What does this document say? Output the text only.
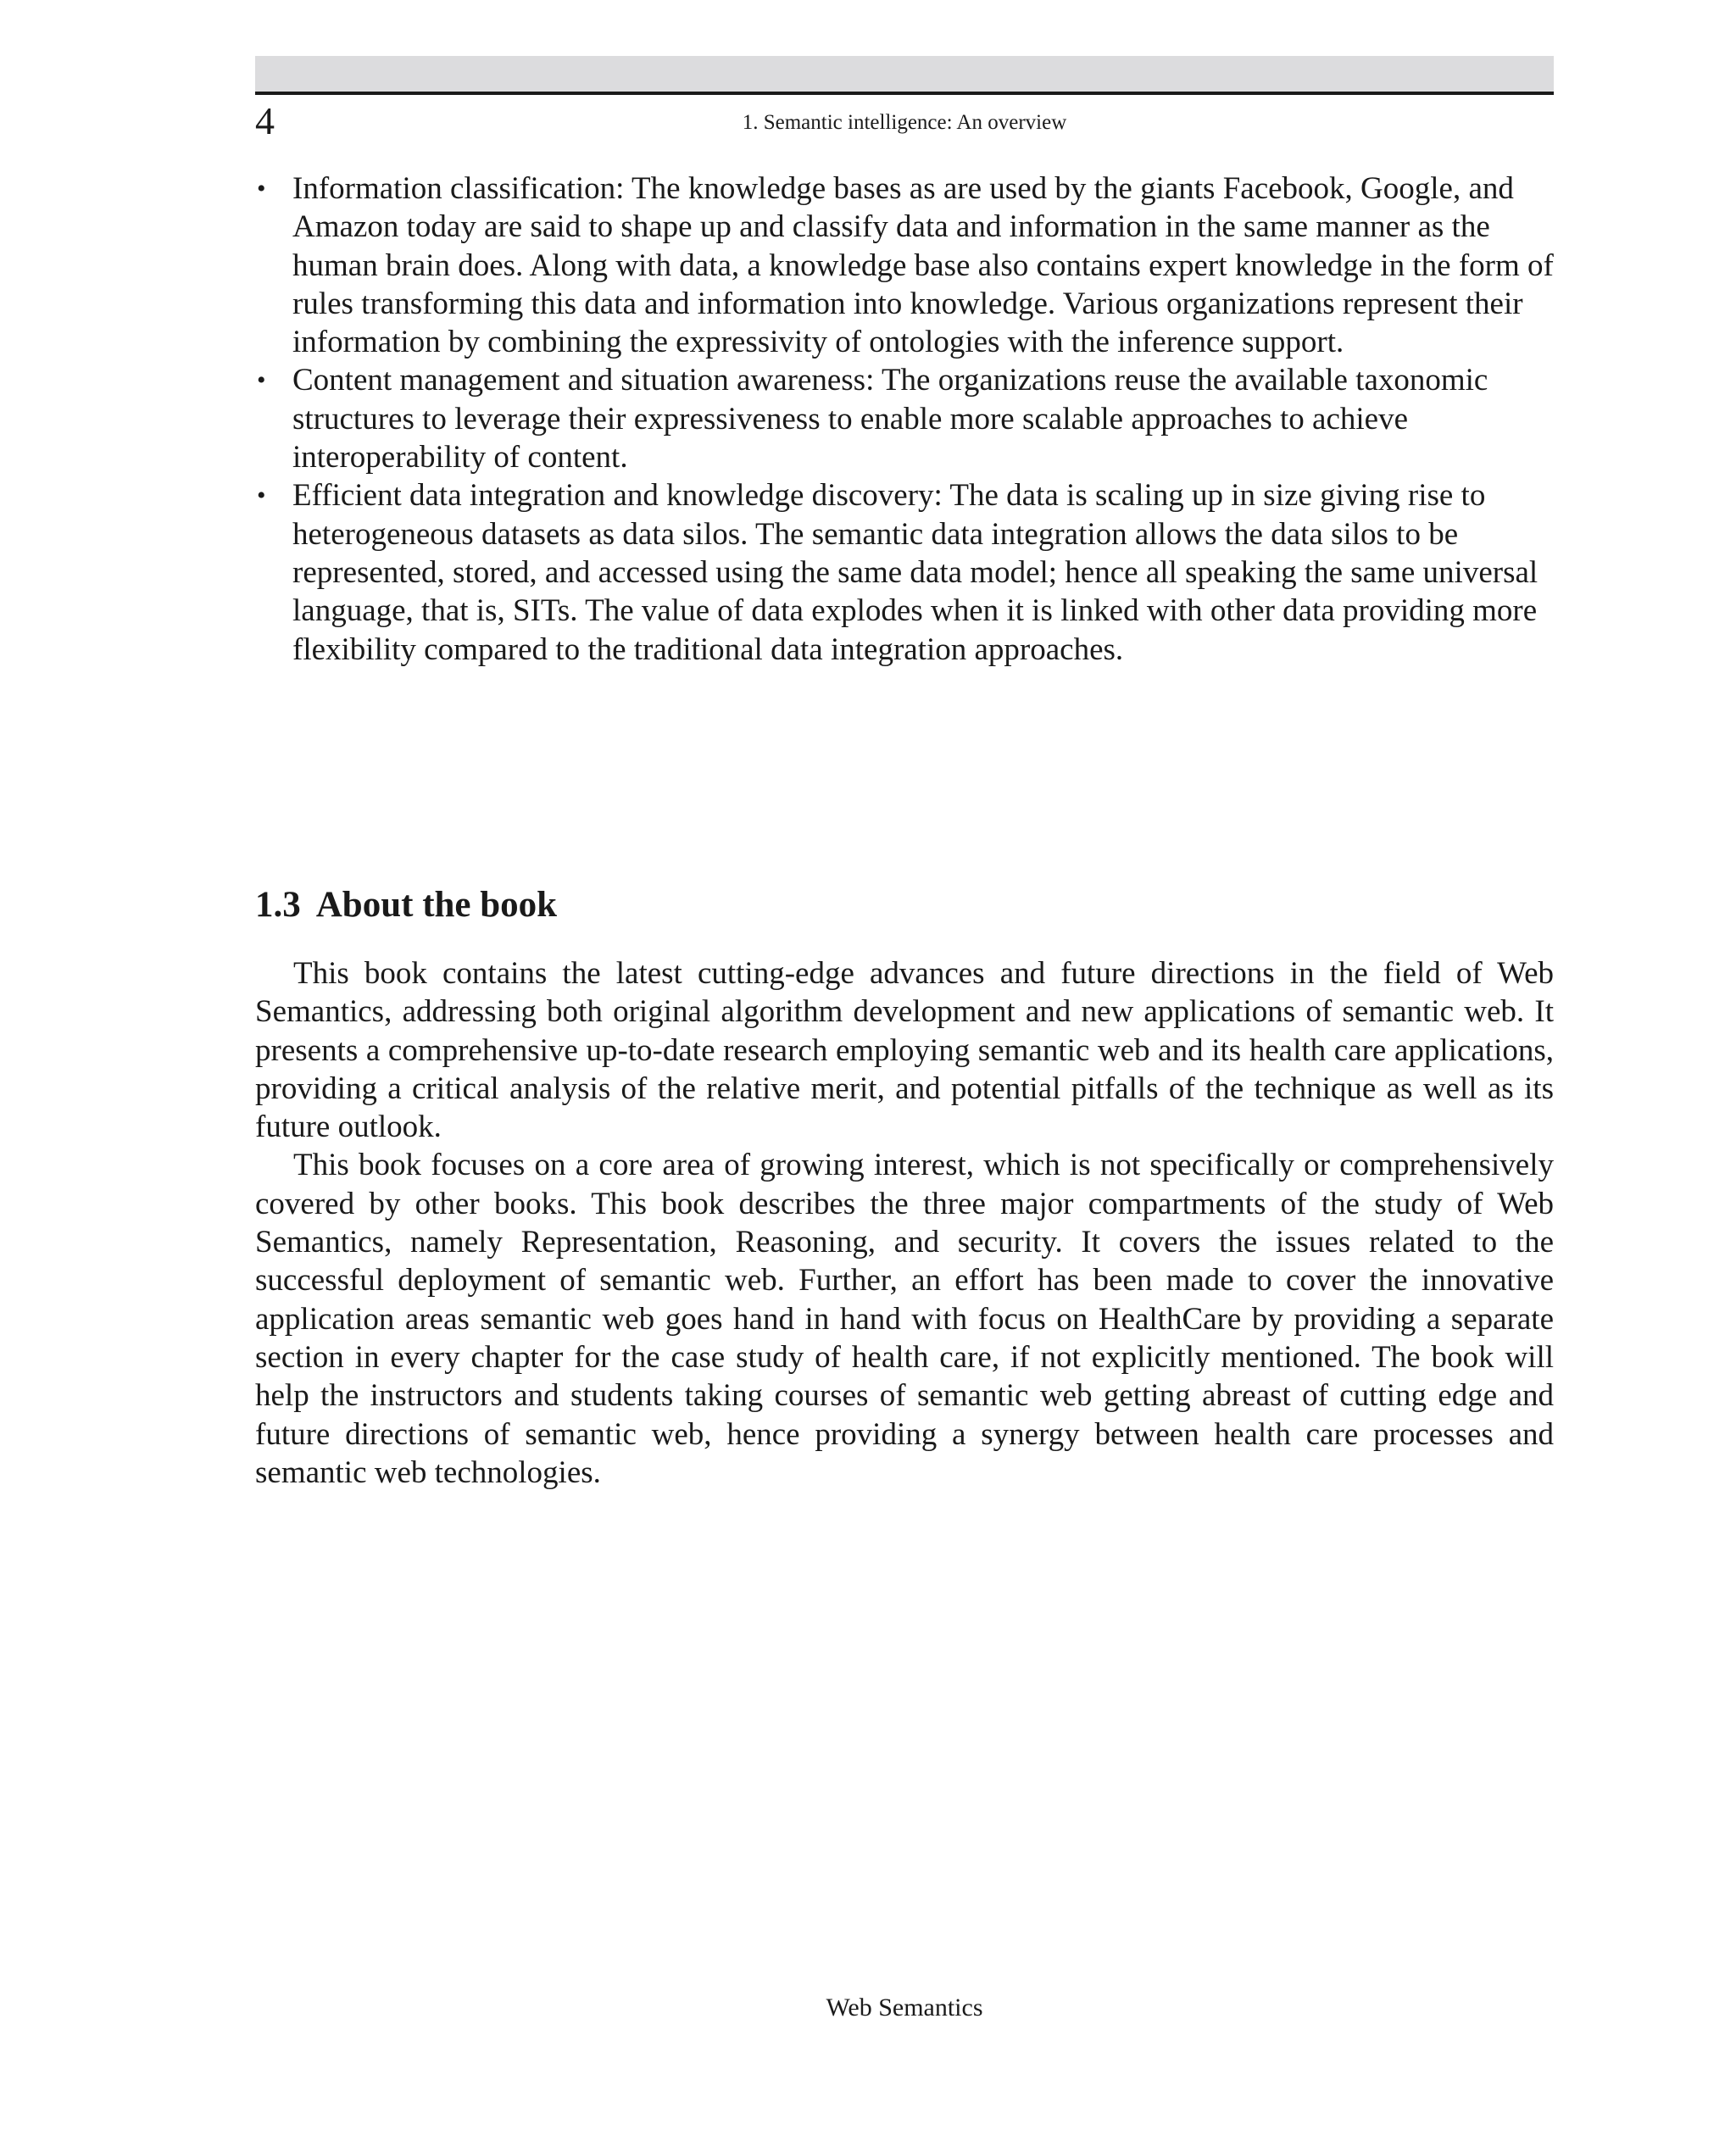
4	1. Semantic intelligence: An overview
• Information classification: The knowledge bases as are used by the giants Facebook, Google, and Amazon today are said to shape up and classify data and information in the same manner as the human brain does. Along with data, a knowledge base also contains expert knowledge in the form of rules transforming this data and information into knowledge. Various organizations represent their information by combining the expressivity of ontologies with the inference support.
• Content management and situation awareness: The organizations reuse the available taxonomic structures to leverage their expressiveness to enable more scalable approaches to achieve interoperability of content.
• Efficient data integration and knowledge discovery: The data is scaling up in size giving rise to heterogeneous datasets as data silos. The semantic data integration allows the data silos to be represented, stored, and accessed using the same data model; hence all speaking the same universal language, that is, SITs. The value of data explodes when it is linked with other data providing more flexibility compared to the traditional data integration approaches.
1.3 About the book

This book contains the latest cutting-edge advances and future directions in the field of Web Semantics, addressing both original algorithm development and new applications of semantic web. It presents a comprehensive up-to-date research employing semantic web and its health care applications, providing a critical analysis of the relative merit, and potential pitfalls of the technique as well as its future outlook.

This book focuses on a core area of growing interest, which is not specifically or comprehensively covered by other books. This book describes the three major compartments of the study of Web Semantics, namely Representation, Reasoning, and security. It covers the issues related to the successful deployment of semantic web. Further, an effort has been made to cover the innovative application areas semantic web goes hand in hand with focus on HealthCare by providing a separate section in every chapter for the case study of health care, if not explicitly mentioned. The book will help the instructors and students taking courses of semantic web getting abreast of cutting edge and future directions of semantic web, hence providing a synergy between health care processes and semantic web technologies.

Web Semantics
